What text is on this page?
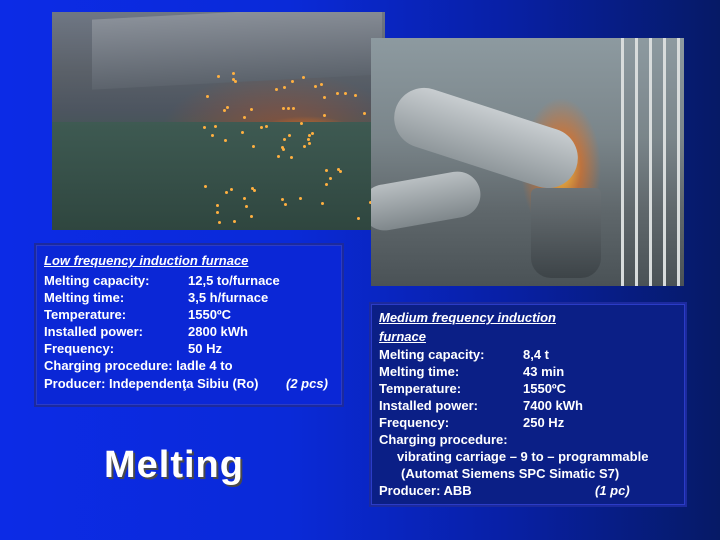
Low frequency induction furnace
Melting capacity:	12,5 to/furnace
Melting time:	3,5 h/furnace
Temperature:	1550ºC
Installed power:	2800 kWh
Frequency:	50 Hz
Charging procedure: ladle 4 to
Producer: Independenţa Sibiu (Ro) (2 pcs)
Melting
Medium frequency induction
furnace
Melting capacity:	8,4 t
Melting time:	43 min
Temperature:	1550ºC
Installed power:	7400 kWh
Frequency:	250 Hz
Charging procedure:
vibrating carriage – 9 to – programmable
(Automat Siemens SPC Simatic S7)
Producer: ABB	(1 pc)
